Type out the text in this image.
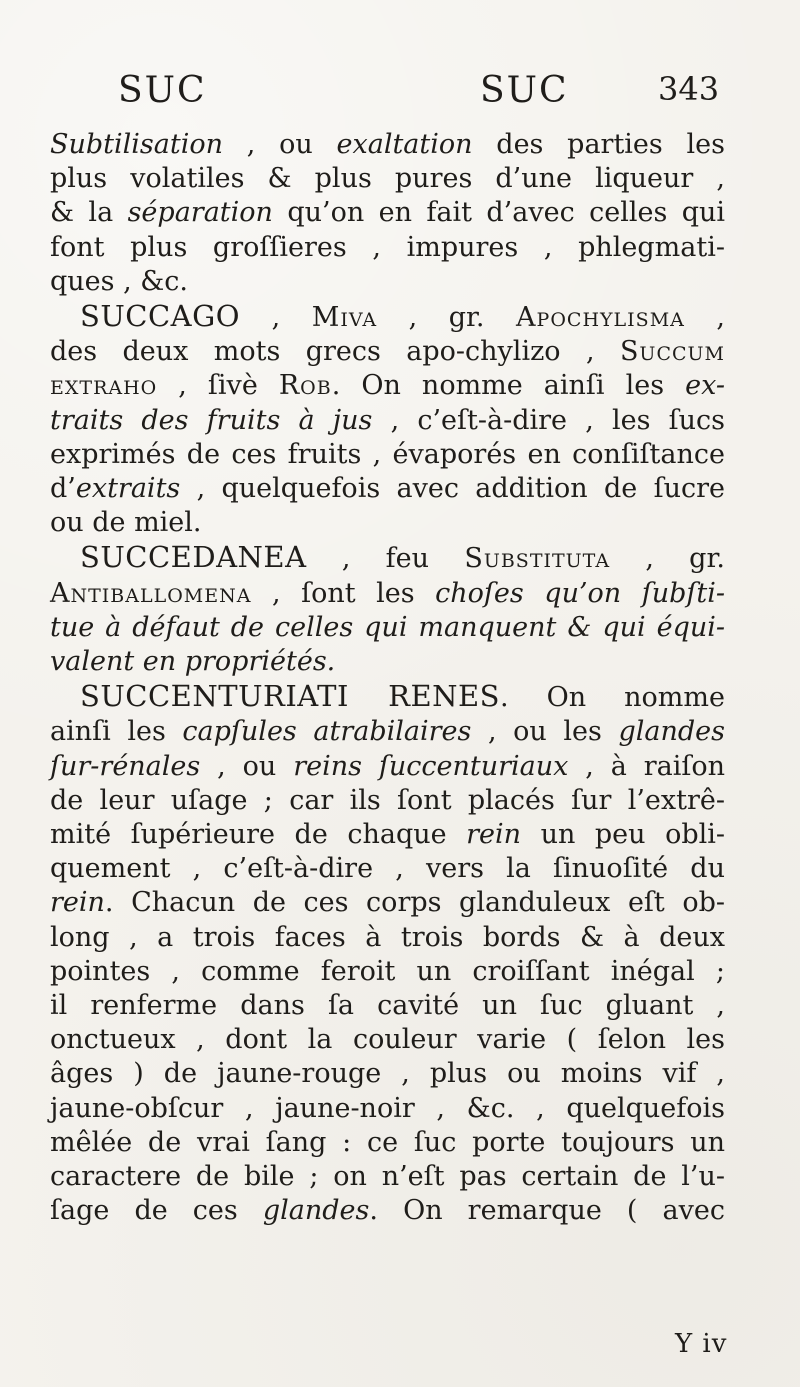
SUC	SUC	343
Subtilisation , ou exaltation des parties les
plus volatiles & plus pures d’une liqueur ,
& la séparation qu’on en fait d’avec celles qui
font plus groſſieres , impures , phlegmati-
ques , &c.
SUCCAGO , Miva , gr. Apochylisma ,
des deux mots grecs apo-chylizo , Succum
extraho , ſivè Rob. On nomme ainſi les ex-
traits des fruits à jus , c’eſt-à-dire , les ſucs
exprimés de ces fruits , évaporés en conſiſtance
d’extraits , quelquefois avec addition de ſucre
ou de miel.
SUCCEDANEA , feu Substituta , gr.
Antiballomena , ſont les choſes qu’on ſubſti-
tue à défaut de celles qui manquent & qui équi-
valent en propriétés.
SUCCENTURIATI RENES. On nomme
ainſi les capſules atrabilaires , ou les glandes
ſur-rénales , ou reins ſuccenturiaux , à raiſon
de leur uſage ; car ils ſont placés ſur l’extrê-
mité ſupérieure de chaque rein un peu obli-
quement , c’eſt-à-dire , vers la ſinuoſité du
rein. Chacun de ces corps glanduleux eſt ob-
long , a trois faces à trois bords & à deux
pointes , comme feroit un croiſſant inégal ;
il renferme dans ſa cavité un ſuc gluant ,
onctueux , dont la couleur varie ( ſelon les
âges ) de jaune-rouge , plus ou moins vif ,
jaune-obſcur , jaune-noir , &c. , quelquefois
mêlée de vrai ſang : ce ſuc porte toujours un
caractere de bile ; on n’eſt pas certain de l’u-
ſage de ces glandes. On remarque ( avec
Y iv
